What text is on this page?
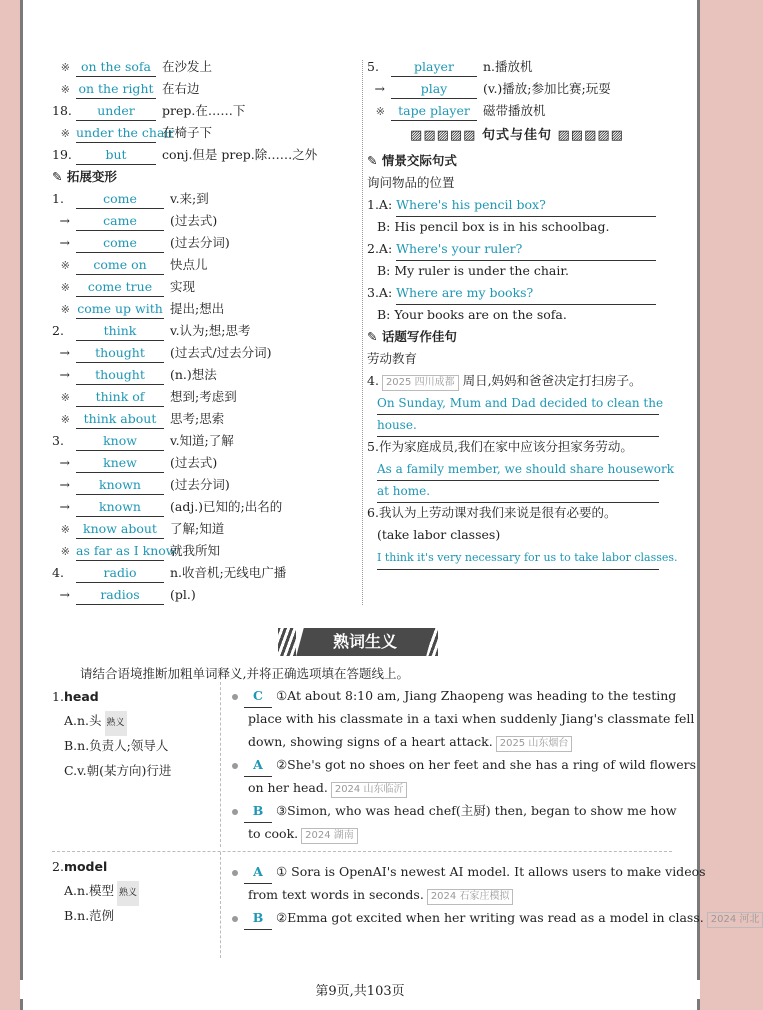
※ on the sofa 在沙发上
※ on the right 在右边
18. under prep.在……下
※ under the chair在椅子下
19.	but	conj.但是 prep.除……之外
✎ 拓展变形
1.	come	v.来;到
→	came	(过去式)
→	come	(过去分词)
※ come on 快点儿
※ come true 实现
※ come up with 提出;想出
2.	think	v.认为;想;思考
→ thought (过去式/过去分词)
→ thought (n.)想法
※ think of 想到;考虑到
※ think about 思考;思索
3.	know	v.知道;了解
→	knew	(过去式)
→ known (过去分词)
→ known (adj.)已知的;出名的
※ know about 了解;知道
※ as far as I know就我所知
4.	radio	n.收音机;无线电广播
→ radios (pl.)
5.	player n.播放机
→	play	(v.)播放;参加比赛;玩耍
※ tape player 磁带播放机
▨▨▨▨▨ 句式与佳句 ▨▨▨▨▨
✎ 情景交际句式
询问物品的位置
1.A: Where's his pencil box?
B: His pencil box is in his schoolbag.
2.A: Where's your ruler?
B: My ruler is under the chair.
3.A: Where are my books?
B: Your books are on the sofa.
✎ 话题写作佳句
劳动教育
4. 2025 四川成都 周日,妈妈和爸爸决定打扫房子。
On Sunday, Mum and Dad decided to clean the
house.
5.作为家庭成员,我们在家中应该分担家务劳动。
As a family member, we should share housework
at home.
6.我认为上劳动课对我们来说是很有必要的。
(take labor classes)
I think it's very necessary for us to take labor classes.
熟词生义
请结合语境推断加粗单词释义,并将正确选项填在答题线上。
1.head
A.n.头 熟义
B.n.负责人;领导人
C.v.朝(某方向)行进
C ①At about 8:10 am, Jiang Zhaopeng was heading to the testing
place with his classmate in a taxi when suddenly Jiang's classmate fell
down, showing signs of a heart attack. 2025 山东烟台
A ②She's got no shoes on her feet and she has a ring of wild flowers
on her head. 2024 山东临沂
B ③Simon, who was head chef(主厨) then, began to show me how
to cook. 2024 湖南
2.model
A.n.模型 熟义
B.n.范例
A ① Sora is OpenAI's newest AI model. It allows users to make videos
from text words in seconds. 2024 石家庄模拟
B ②Emma got excited when her writing was read as a model in class. 2024 河北
第9页,共103页
